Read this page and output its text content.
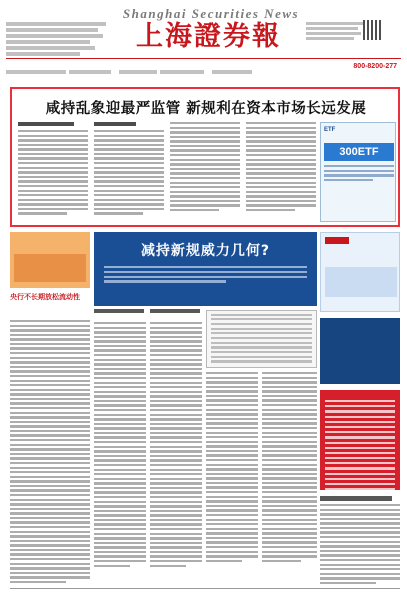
Shanghai Securities News
上海證券報

800-8200-277
咸持乱象迎最严监管 新规利在资本市场长远发展
ETF
300ETF
央行不长期放松流动性
减持新规威力几何?
